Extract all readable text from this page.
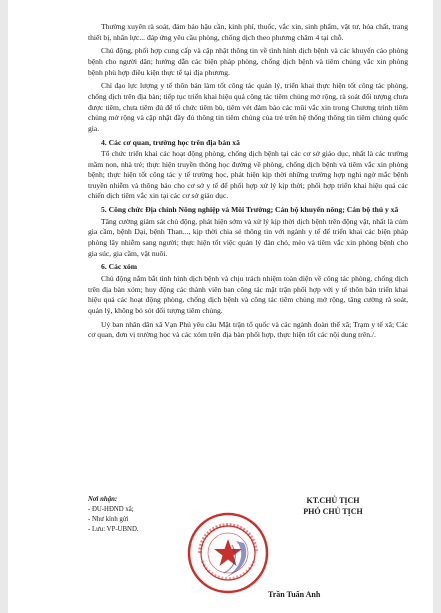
Thường xuyên rà soát, đảm bảo hậu cần, kinh phí, thuốc, vắc xin, sinh phẩm, vật tư, hóa chất, trang thiết bị, nhân lực... đáp ứng yêu cầu phòng, chống dịch theo phương châm 4 tại chỗ.

Chủ động, phối hợp cung cấp và cập nhật thông tin về tình hình dịch bệnh và các khuyến cáo phòng bệnh cho người dân; hướng dẫn các biện pháp phòng, chống dịch bệnh và tiêm chủng vắc xin phòng bệnh phù hợp điều kiện thực tế tại địa phương.

Chỉ đạo lực lượng y tế thôn bản làm tốt công tác quản lý, triển khai thực hiện tốt công tác phòng, chống dịch trên địa bàn; tiếp tục triển khai hiệu quả công tác tiêm chủng mở rộng, rà soát đối tượng chưa được tiêm, chưa tiêm đủ để tổ chức tiêm bù, tiêm vét đảm bảo các mũi vắc xin trong Chương trình tiêm chủng mở rộng và cập nhật đầy đủ thông tin tiêm chủng của trẻ trên hệ thống thông tin tiêm chủng quốc gia.

4. Các cơ quan, trường học trên địa bàn xã

Tổ chức triển khai các hoạt động phòng, chống dịch bệnh tại các cơ sở giáo dục, nhất là các trường mầm non, nhà trẻ; thực hiện truyền thông học đường về phòng, chống dịch bệnh và tiêm vắc xin phòng bệnh; thực hiện tốt công tác y tế trường học, phát hiện kịp thời những trường hợp nghi ngờ mắc bệnh truyền nhiễm và thông báo cho cơ sở y tế để phối hợp xử lý kịp thời; phối hợp triển khai hiệu quả các chiến dịch tiêm vắc xin tại các cơ sở giáo dục.

5. Công chức Địa chính Nông nghiệp và Môi Trường; Cán bộ khuyến nông; Cán bộ thú y xã

Tăng cường giám sát chủ động, phát hiện sớm và xử lý kịp thời dịch bệnh trên động vật, nhất là cúm gia cầm, bệnh Dại, bệnh Than..., kịp thời chia sẻ thông tin với ngành y tế để triển khai các biện pháp phòng lây nhiễm sang người; thực hiện tốt việc quản lý đàn chó, mèo và tiêm vắc xin phòng bệnh cho gia súc, gia cầm, vật nuôi.

6. Các xóm

Chủ động nắm bắt tình hình dịch bệnh và chịu trách nhiệm toàn diện về công tác phòng, chống dịch trên địa bàn xóm; huy động các thành viên ban công tác mặt trận phối hợp với y tế thôn bản triển khai hiệu quả các hoạt động phòng, chống dịch bệnh và công tác tiêm chủng mở rộng, tăng cường rà soát, quản lý, không bỏ sót đối tượng tiêm chủng.

Uỷ ban nhân dân xã Vạn Phú yêu cầu Mặt trận tổ quốc và các ngành đoàn thể xã; Trạm y tế xã; Các cơ quan, đơn vị trường học và các xóm trên địa bàn phối hợp, thực hiện tốt các nội dung trên./.

Nơi nhận:
- ĐU-HĐND xã;
- Như kính gửi
- Lưu: VP-UBND.
KT.CHỦ TỊCH
PHÓ CHỦ TỊCH
Trần Tuấn Anh
